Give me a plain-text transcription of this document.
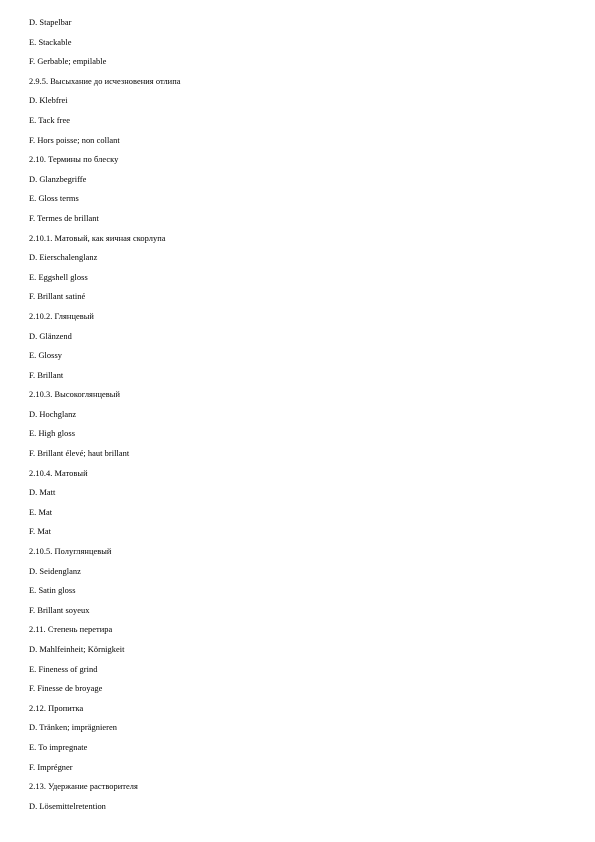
D. Stapelbar
E. Stackable
F. Gerbable; empilable
2.9.5. Высыхание до исчезновения отлипа
D. Klebfrei
E. Tack free
F. Hors poisse; non collant
2.10. Термины по блеску
D. Glanzbegriffe
E. Gloss terms
F. Termes de brillant
2.10.1. Матовый, как яичная скорлупа
D. Eierschalenglanz
E. Eggshell gloss
F. Brillant satiné
2.10.2. Глянцевый
D. Glänzend
E. Glossy
F. Brillant
2.10.3. Высокоглянцевый
D. Hochglanz
E. High gloss
F. Brillant élevé; haut brillant
2.10.4. Матовый
D. Matt
E. Mat
F. Mat
2.10.5. Полуглянцевый
D. Seidenglanz
E. Satin gloss
F. Brillant soyeux
2.11. Степень перетира
D. Mahlfeinheit; Körnigkeit
E. Fineness of grind
F. Finesse de broyage
2.12. Пропитка
D. Tränken; imprägnieren
E. To impregnate
F. Imprégner
2.13. Удержание растворителя
D. Lösemittelretention
